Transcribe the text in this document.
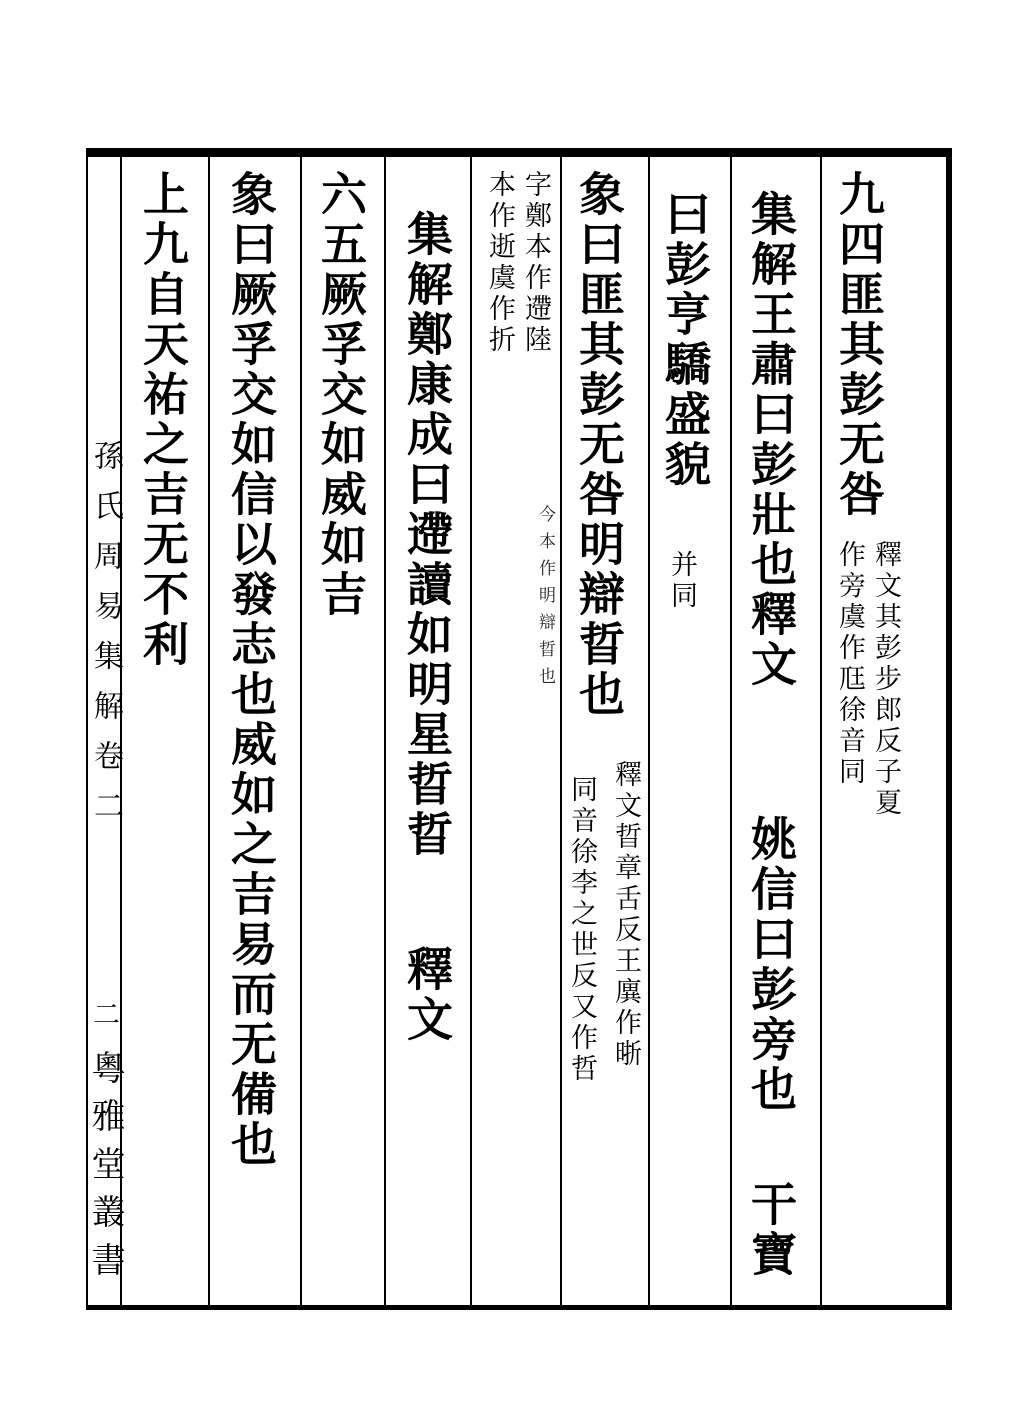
九四匪其彭无咎
釋文其彭步郎反子夏
作旁虞作尫徐音同
集解王肅曰彭壯也釋文
姚信曰彭旁也
干寶
曰彭亨驕盛貌
并同
象曰匪其彭无咎明辯晢也
釋文晢章舌反王廙作晣
同音徐李之世反又作哲
字鄭本作遰陸
本作逝虞作折
今本作明辯晢也
集解鄭康成曰遰讀如明星晢晢
釋文
六五厥孚交如威如吉
象曰厥孚交如信以發志也威如之吉易而无備也
上九自天祐之吉无不利
孫氏周易集解卷二
二
粵雅堂叢書
